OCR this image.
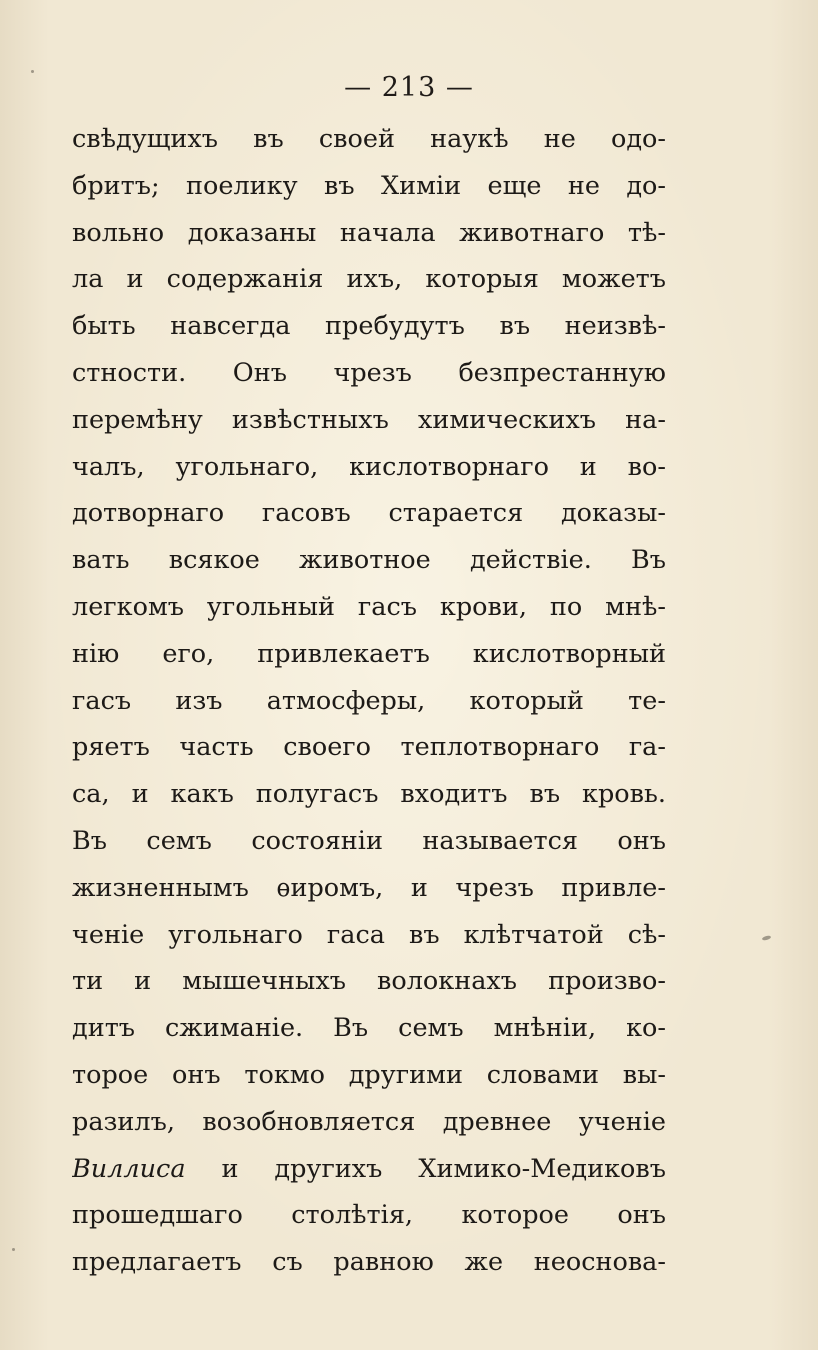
— 213 —
свѣдущихъ въ своей наукѣ не одо-
бритъ; поелику въ Химіи еще не до-
вольно доказаны начала животнаго тѣ-
ла и содержанія ихъ, которыя можетъ
быть навсегда пребудутъ въ неизвѣ-
стности. Онъ чрезъ безпрестанную
перемѣну извѣстныхъ химическихъ на-
чалъ, угольнаго, кислотворнаго и во-
дотворнаго гасовъ старается доказы-
вать всякое животное действіе. Въ
легкомъ угольный гасъ крови, по мнѣ-
нію его, привлекаетъ кислотворный
гасъ изъ атмосферы, который те-
ряетъ часть своего теплотворнаго га-
са, и какъ полугасъ входитъ въ кровь.
Въ семъ состояніи называется онъ
жизненнымъ ѳиромъ, и чрезъ привле-
ченіе угольнаго гаса въ клѣтчатой сѣ-
ти и мышечныхъ волокнахъ произво-
дитъ сжиманіе. Въ семъ мнѣніи, ко-
торое онъ токмо другими словами вы-
разилъ, возобновляется древнее ученіе
Виллиса и другихъ Химико-Медиковъ
прошедшаго столѣтія, которое онъ
предлагаетъ съ равною же неоснова-
